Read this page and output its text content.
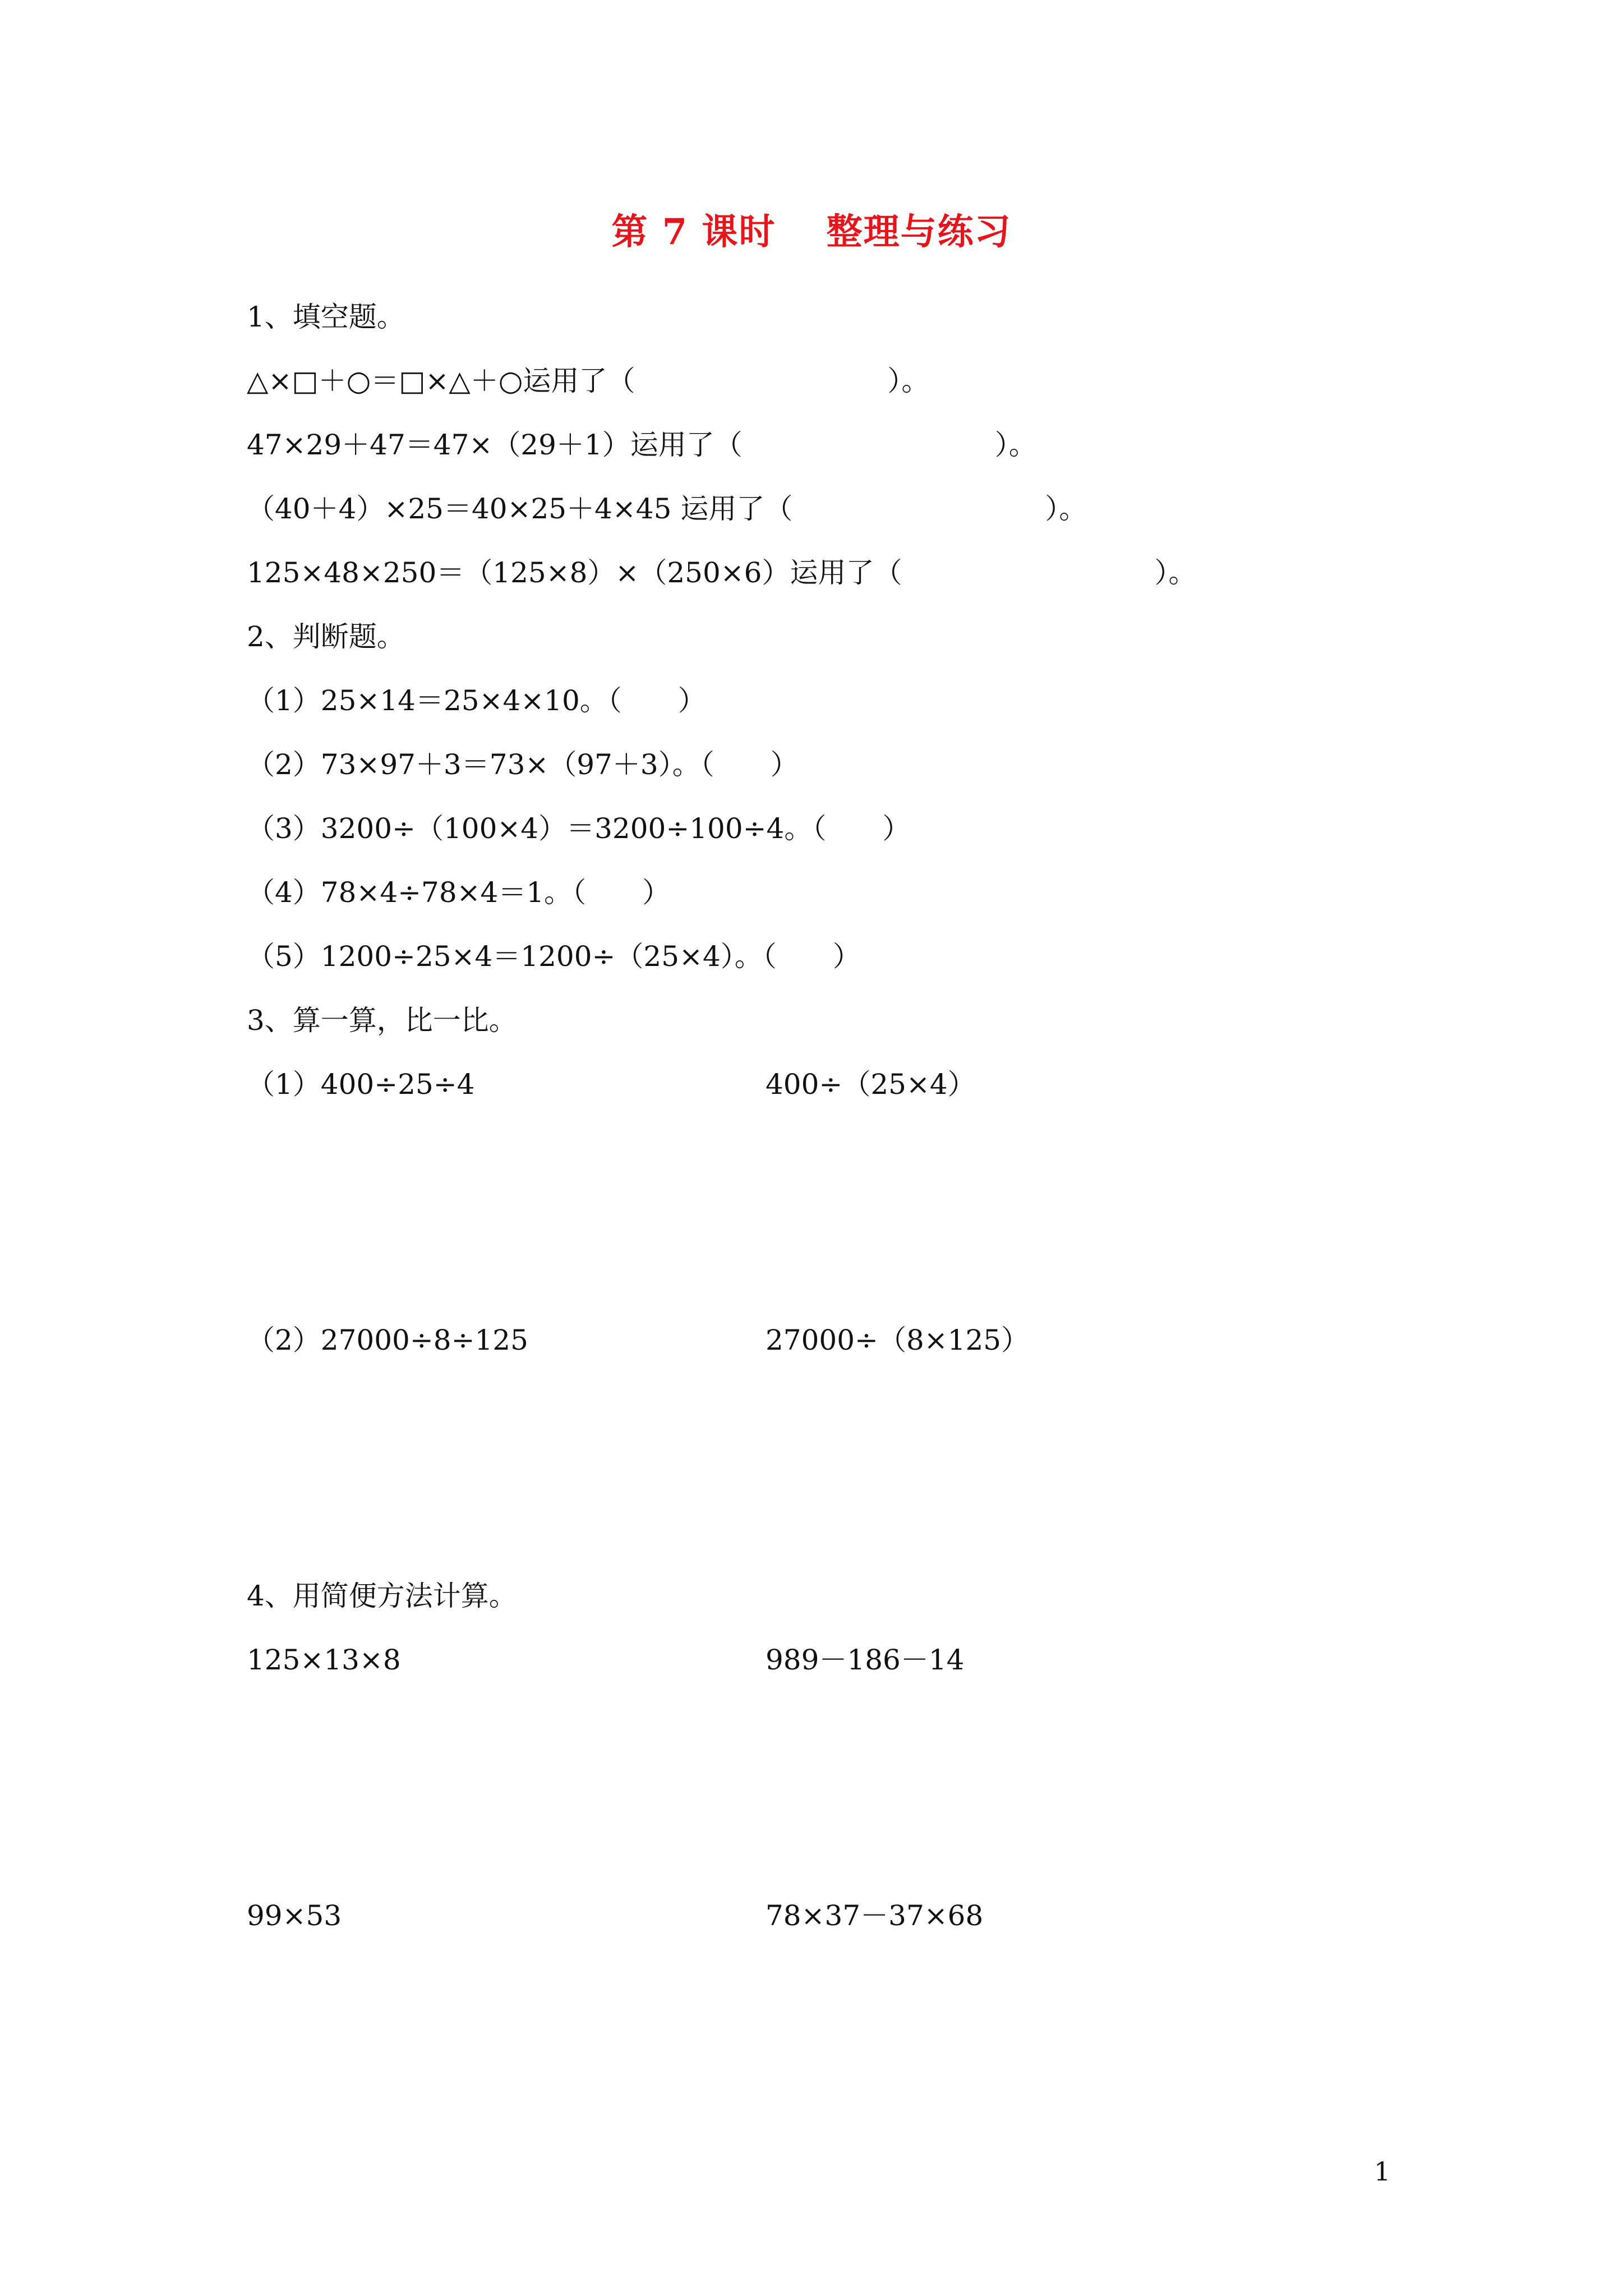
第 7 课时　 整理与练习
1、填空题。
△×□＋○＝□×△＋○运用了（　　　　　　　　　）。
47×29＋47＝47×（29＋1）运用了（　　　　　　　　　）。
（40＋4）×25＝40×25＋4×45 运用了（　　　　　　　　　）。
125×48×250＝（125×8）×（250×6）运用了（　　　　　　　　　）。
2、判断题。
（1）25×14＝25×4×10。（　　）
（2）73×97＋3＝73×（97＋3）。（　　）
（3）3200÷（100×4）＝3200÷100÷4。（　　）
（4）78×4÷78×4＝1。（　　）
（5）1200÷25×4＝1200÷（25×4）。（　　）
3、算一算，比一比。
（1）400÷25÷4	400÷（25×4）
（2）27000÷8÷125	27000÷（8×125）
4、用简便方法计算。
125×13×8	989－186－14
99×53	78×37－37×68
1
